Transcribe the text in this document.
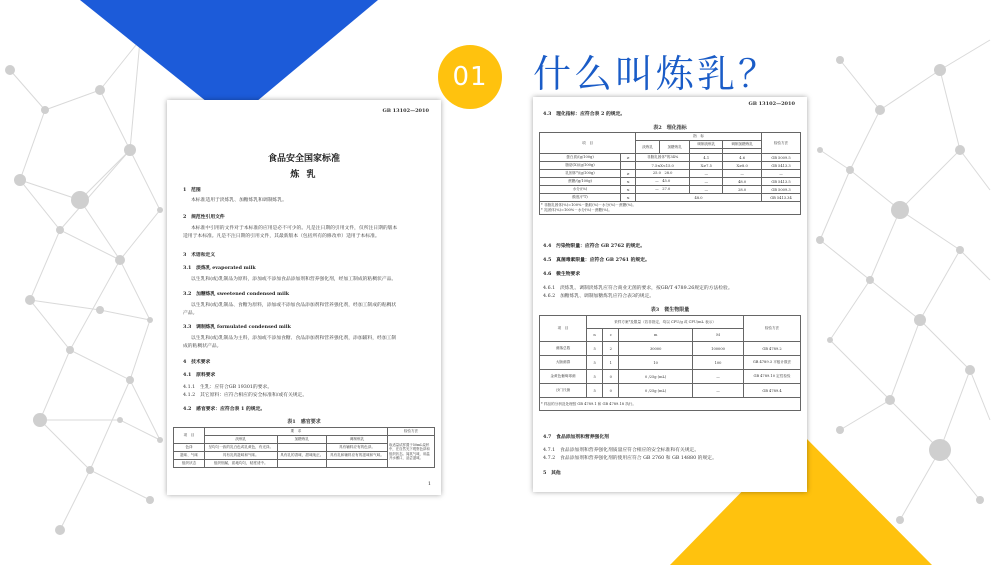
01 什么叫炼乳？
GB 13102—2010
食品安全国家标准
炼 乳
1　范围
本标准适用于淡炼乳、加糖炼乳和调制炼乳。
2　规范性引用文件
本标准中引用的文件对于本标准的应用是必不可少的。凡是注日期的引用文件，仅所注日期的版本
适用于本标准。凡是不注日期的引用文件，其最新版本（包括所有的修改单）适用于本标准。
3　术语和定义
3.1　淡炼乳 evaporated milk
以生乳和(或)乳制品为原料，添加或不添加食品添加剂和营养强化剂，经加工制成的粘稠状产品。
3.2　加糖炼乳 sweetened condensed milk
以生乳和(或)乳制品、食糖为原料，添加或不添加食品添加剂和营养强化剂，经加工制成的粘稠状
产品。
3.3　调制炼乳 formulated condensed milk
以生乳和(或)乳制品为主料，添加或不添加食糖、食品添加剂和营养强化剂，添加辅料，经加工制
成的粘稠状产品。
4　技术要求
4.1　原料要求
4.1.1　生乳：应符合GB 19301的要求。
4.1.2　其它原料：应符合相应的安全标准和/或有关规定。
4.2　感官要求：应符合表 1 的规定。
表1　感官要求
项　目	要　求			检验方法
	淡炼乳	加糖炼乳	调制炼乳	取适量试样置于50mL烧杯中，在自然光下观察色泽和组织状态。闻其气味，用温开水漱口，品尝滋味。
色泽	呈均匀一致的乳白色或乳黄色，有光泽。		具有辅料应有的色泽。	
滋味、气味	具有乳的滋味和气味。	具有乳的香味，甜味纯正。	具有乳和辅料应有的滋味和气味。	
组织状态	组织细腻，质地均匀，粘度适中。			
1
GB 13102—2010
4.3　理化指标：应符合表 2 的规定。
表2　理化指标
项　目		指　标				检验方法
		淡炼乳	加糖炼乳	调制淡炼乳	调制加糖炼乳	

蛋白质/(g/100g)	≥	非脂乳固体*的34%		4.1	4.6	GB 5009.5
脂肪(X)/(g/100g)		7.5≤X<15.0		X≥7.5	X≥8.0	GB 5413.3
乳固体*/(g/100g)	≥	25.0　28.0		—	—	—
蔗糖/(g/100g)	≤	—　45.0		—	48.0	GB 5413.5
水分/(%)	≤	—　27.0		—	28.0	GB 5009.3
酸度/(°T)	≤	48.0				GB 5413.34

* 非脂乳固体(%)=100%－脂肪(%)－水分(%)－蔗糖(%)。
* 乳固体(%)=100%－水分(%)－蔗糖(%)。						
4.4　污染物限量：应符合 GB 2762 的规定。
4.5　真菌毒素限量：应符合 GB 2761 的规定。
4.6　微生物要求
4.6.1　淡炼乳、调制淡炼乳应符合商业无菌的要求，按GB/T 4789.26规定的方法检验。
4.6.2　加糖炼乳、调制加糖炼乳应符合表3的规定。
表3　微生物限量
项　目	采样方案*及限量（若非指定，均以 CFU/g 或 CFU/mL 表示）				检验方法
	n	c	m	M	
菌落总数	5	2	30000	100000	GB 4789.2
大肠菌群	5	1	10	100	GB 4789.3 平板计数法
金黄色葡萄球菌	5	0	0 /25g (mL)	—	GB 4789.10 定性检验
沙门氏菌	5	0	0 /25g (mL)	—	GB 4789.4
* 样品的分析及处理按 GB 4789.1 和 GB 4789.18 执行。					
4.7　食品添加剂和营养强化剂
4.7.1　食品添加剂和营养强化剂质量应符合相应的安全标准和有关规定。
4.7.2　食品添加剂和营养强化剂的使用应符合 GB 2760 和 GB 14880 的规定。
5　其他
